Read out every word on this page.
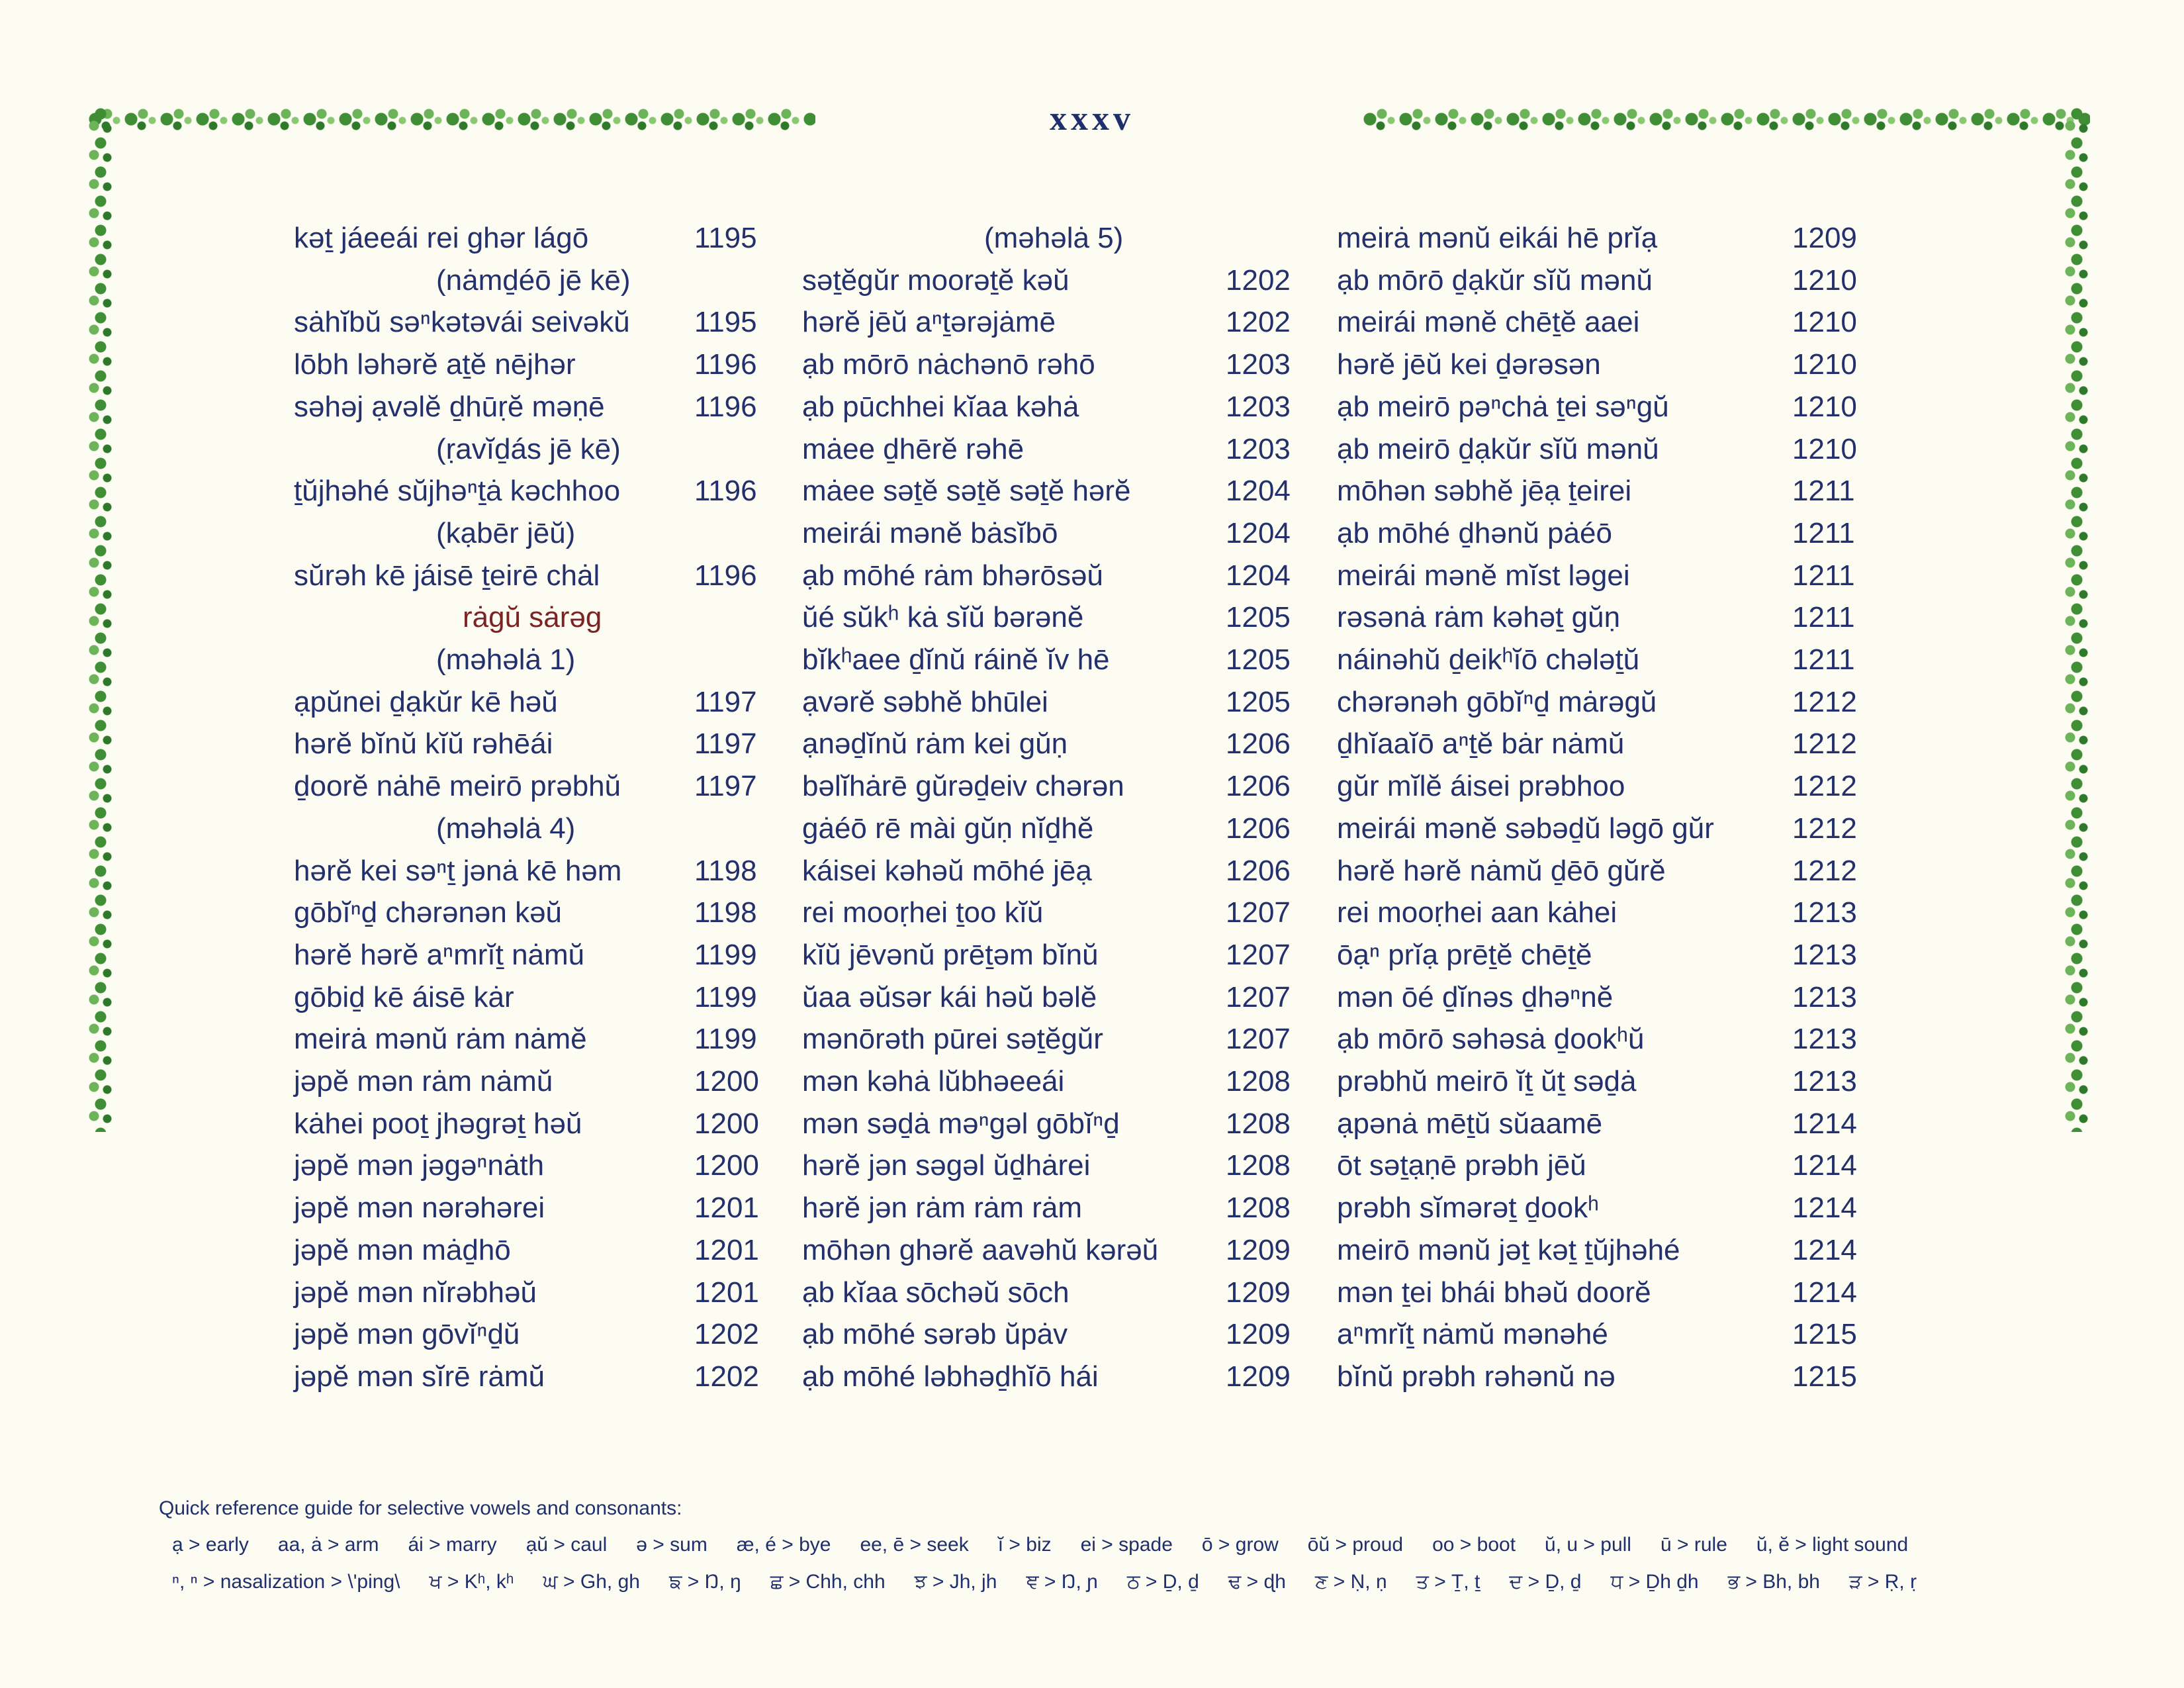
xxxv
kəṯ jáeeái rei ghər lágō	1195
(nȧmḏéō jē kē)
sȧhĭbŭ səⁿkətəvái seivəkŭ 1195
lōbh ləhərĕ aṯĕ nējhər	1196
səhəj ạvəlĕ ḏhūṛĕ məṇē	1196
(ṛavĭḏás jē kē)
ṯŭjhəhé sŭjhəⁿṯȧ kəchhoo	1196
(kạbēr jēŭ)
sŭrəh kē jáisē ṯeirē chȧl	1196
rȧgŭ sȧrəg
(məhəlȧ 1)
ạpŭnei ḏạkŭr kē həŭ	1197
hərĕ bĭnŭ kĭŭ rəhēái	1197
ḏoorĕ nȧhē meirō prəbhŭ	1197
(məhəlȧ 4)
hərĕ kei səⁿṯ jənȧ kē həm 1198
gōbĭⁿḏ chərənən kəŭ	1198
hərĕ hərĕ aⁿmrĭṯ nȧmŭ	1199
gōbiḏ kē áisē kȧr	1199
meirȧ mənŭ rȧm nȧmĕ	1199
jəpĕ mən rȧm nȧmŭ	1200
kȧhei pooṯ jhəgrəṯ həŭ	1200
jəpĕ mən jəgəⁿnȧth	1200
jəpĕ mən nərəhərei	1201
jəpĕ mən mȧḏhō	1201
jəpĕ mən nĭrəbhəŭ	1201
jəpĕ mən gōvĭⁿḏŭ	1202
jəpĕ mən sĭrē rȧmŭ	1202
(məhəlȧ 5)
səṯĕgŭr moorəṯĕ kəŭ	1202
hərĕ jēŭ aⁿṯərəjȧmē	1202
ạb mōrō nȧchənō rəhō	1203
ạb pūchhei kĭaa kəhȧ	1203
mȧee ḏhērĕ rəhē	1203
mȧee səṯĕ səṯĕ səṯĕ hərĕ	1204
meirái mənĕ bȧsĭbō	1204
ạb mōhé rȧm bhərōsəŭ	1204
ŭé sŭkʰ kȧ sĭŭ bərənĕ	1205
bĭkʰaee ḏĭnŭ ráinĕ ĭv hē	1205
ạvərĕ səbhĕ bhūlei	1205
ạnəḏĭnŭ rȧm kei gŭṇ	1206
bəlĭhȧrē gŭrəḏeiv chərən	1206
gȧéō rē mài gŭṇ nĭḏhĕ	1206
káisei kəhəŭ mōhé jēạ	1206
rei mooṛhei ṯoo kĭŭ	1207
kĭŭ jēvənŭ prēṯəm bĭnŭ	1207
ŭaa əŭsər kái həŭ bəlĕ	1207
mənōrəth pūrei səṯĕgŭr	1207
mən kəhȧ lŭbhəeeái	1208
mən səḏȧ məⁿgəl gōbĭⁿḏ	1208
hərĕ jən səgəl ŭḏhȧrei	1208
hərĕ jən rȧm rȧm rȧm	1208
mōhən ghərĕ aavəhŭ kərəŭ 1209
ạb kĭaa sōchəŭ sōch	1209
ạb mōhé sərəb ŭpȧv	1209
ạb mōhé ləbhəḏhĭō hái	1209
meirȧ mənŭ eikái hē prĭạ	1209
ạb mōrō ḏạkŭr sĭŭ mənŭ	1210
meirái mənĕ chēṯĕ aaei	1210
hərĕ jēŭ kei ḏərəsən	1210
ạb meirō pəⁿchȧ ṯei səⁿgŭ	1210
ạb meirō ḏạkŭr sĭŭ mənŭ	1210
mōhən səbhĕ jēạ ṯeirei	1211
ạb mōhé ḏhənŭ pȧéō	1211
meirái mənĕ mĭst ləgei	1211
rəsənȧ rȧm kəhəṯ gŭṇ	1211
náinəhŭ ḏeikʰĭō chələṯŭ	1211
chərənəh gōbĭⁿḏ mȧrəgŭ	1212
ḏhĭaaĭō aⁿṯĕ bȧr nȧmŭ	1212
gŭr mĭlĕ áisei prəbhoo	1212
meirái mənĕ səbəḏŭ ləgō gŭr	1212
hərĕ hərĕ nȧmŭ ḏēō gŭrĕ	1212
rei mooṛhei aan kȧhei	1213
ōạⁿ prĭạ prēṯĕ chēṯĕ	1213
mən ōé ḏĭnəs ḏhəⁿnĕ	1213
ạb mōrō səhəsȧ ḏookʰŭ	1213
prəbhŭ meirō ĭṯ ŭṯ səḏȧ	1213
ạpənȧ mēṯŭ sŭaamē	1214
ōt səṯạṇē prəbh jēŭ	1214
prəbh sĭmərəṯ ḏookʰ	1214
meirō mənŭ jəṯ kəṯ ṯŭjhəhé	1214
mən ṯei bhái bhəŭ doorĕ	1214
aⁿmrĭṯ nȧmŭ mənəhé	1215
bĭnŭ prəbh rəhənŭ nə	1215
Quick reference guide for selective vowels and consonants:
ạ > early aa, ȧ > arm ái > marry ạŭ > caul ə > sum æ, é > bye ee, ē > seek ĭ > biz ei > spade ō > grow ōŭ > proud oo > boot ŭ, u > pull ū > rule ŭ, ĕ > light sound
ⁿ, ⁿ > nasalization > \'ping\ ਖ > Kʰ, kʰ ਘ > Gh, gh ਙ > Ŋ, ŋ ਛ > Chh, chh ਝ > Jh, jh ਞ > Ŋ, ɲ ਠ > Ḏ, ḏ ਢ > ɖh ਣ > Ṇ, ṇ ਤ > Ṯ, ṯ ਦ > Ḏ, ḏ ਧ > Ḏh ḏh ਭ > Bh, bh ੜ > Ṛ, ṛ
